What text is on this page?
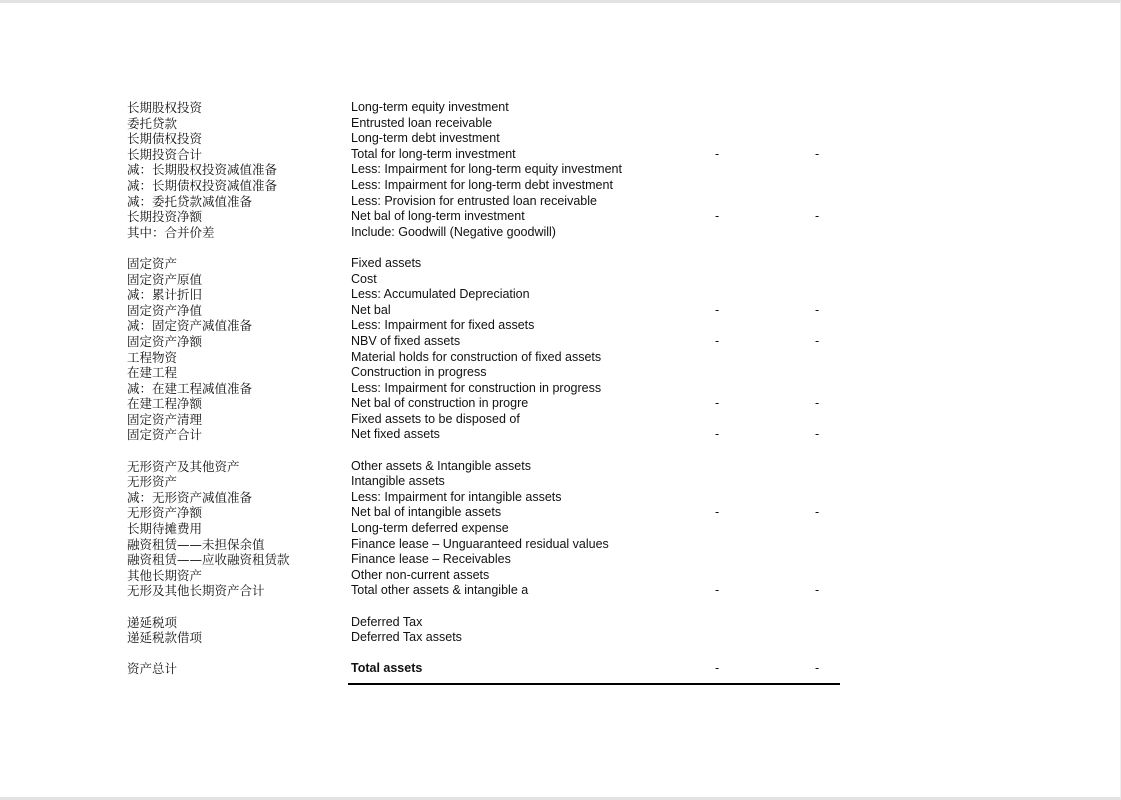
长期股权投资	Long-term equity investment
委托贷款	Entrusted loan receivable
长期债权投资	Long-term debt investment
长期投资合计	Total for long-term investment	-	-
减：长期股权投资减值准备	Less: Impairment for long-term equity investment
减：长期债权投资减值准备	Less: Impairment for long-term debt investment
减：委托贷款减值准备	Less: Provision for entrusted loan receivable
长期投资净额	Net bal of long-term investment	-	-
其中：合并价差	Include: Goodwill (Negative goodwill)
固定资产	Fixed assets
固定资产原值	Cost
减：累计折旧	Less: Accumulated Depreciation
固定资产净值	Net bal	-	-
减：固定资产减值准备	Less: Impairment for fixed assets
固定资产净额	NBV of fixed assets	-	-
工程物资	Material holds for construction of fixed assets
在建工程	Construction in progress
减：在建工程减值准备	Less: Impairment for construction in progress
在建工程净额	Net bal of construction in progre	-	-
固定资产清理	Fixed assets to be disposed of
固定资产合计	Net fixed assets	-	-
无形资产及其他资产	Other assets & Intangible assets
无形资产	Intangible assets
减：无形资产减值准备	Less: Impairment for intangible assets
无形资产净额	Net bal of intangible assets	-	-
长期待摊费用	Long-term deferred expense
融资租赁——未担保余值	Finance lease – Unguaranteed residual values
融资租赁——应收融资租赁款	Finance lease – Receivables
其他长期资产	Other non-current assets
无形及其他长期资产合计	Total other assets & intangible a	-	-
递延税项	Deferred Tax
递延税款借项	Deferred Tax assets
资产总计	Total assets	-	-
